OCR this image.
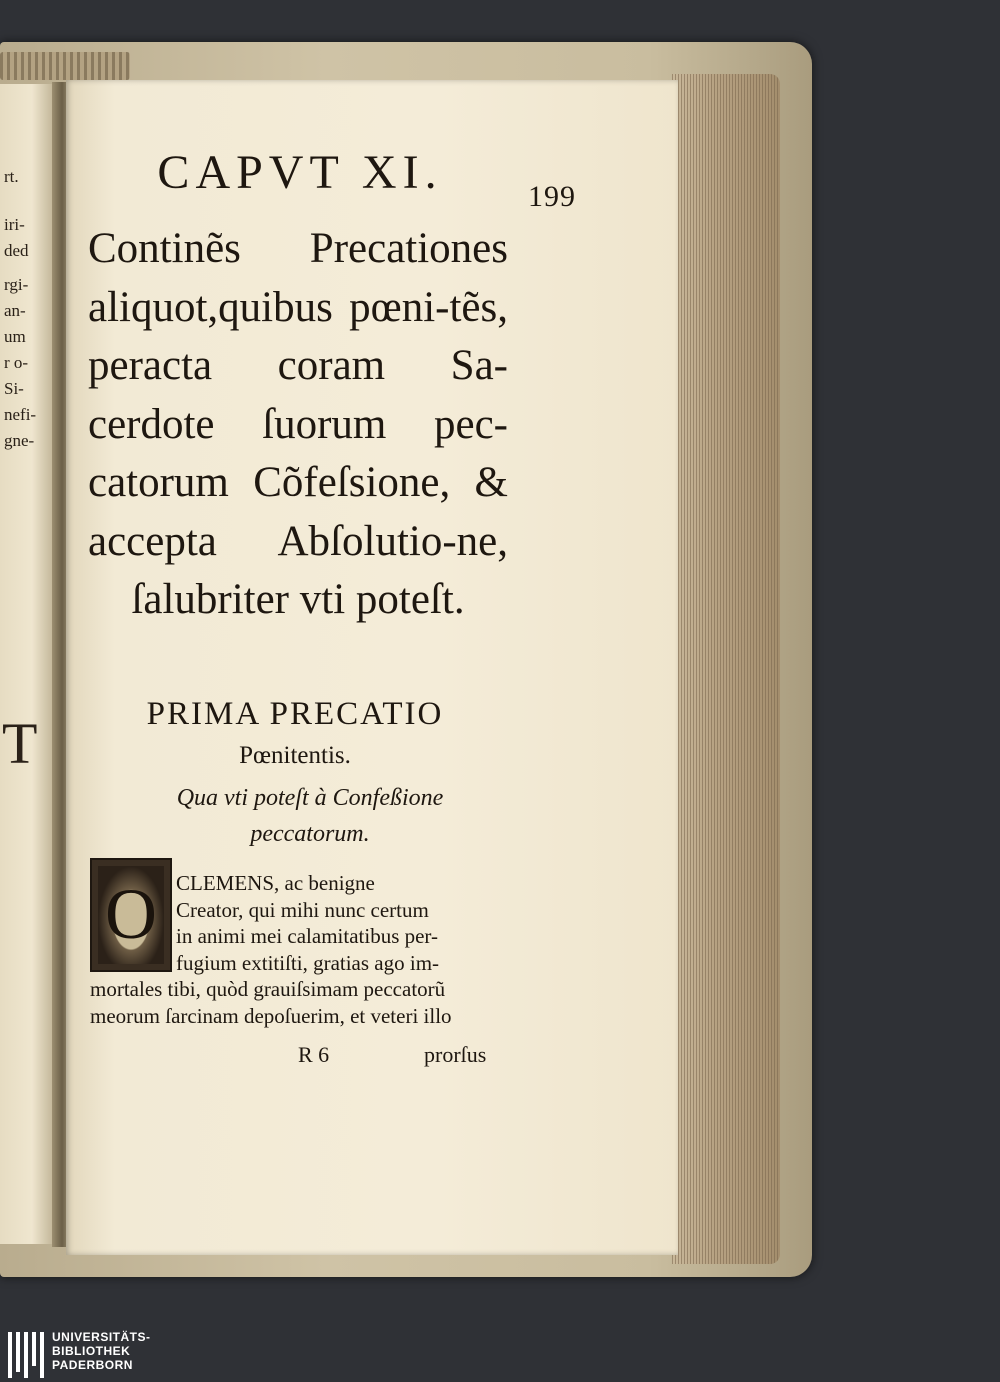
rt.
iri-
ded
rgi-
an-
um
r o-
Si-
nefi-
gne-
T
199
CAPVT XI.
Continẽs Precationes aliquot,quibus pœni-tẽs, peracta coram Sa-cerdote ſuorum pec-catorum Cõfeſsione, & accepta Abſolutio-ne, ſalubriter vti poteſt.
PRIMA PRECATIO
Pœnitentis.
Qua vti poteſt à Confeßione
peccatorum.
O CLEMENS, ac benigne
Creator, qui mihi nunc certum
in animi mei calamitatibus per-
fugium extitiſti, gratias ago im-
mortales tibi, quòd grauiſsimam peccatorũ
meorum ſarcinam depoſuerim, et veteri illo
R 6	prorſus
UNIVERSITÄTS-
BIBLIOTHEK
PADERBORN
